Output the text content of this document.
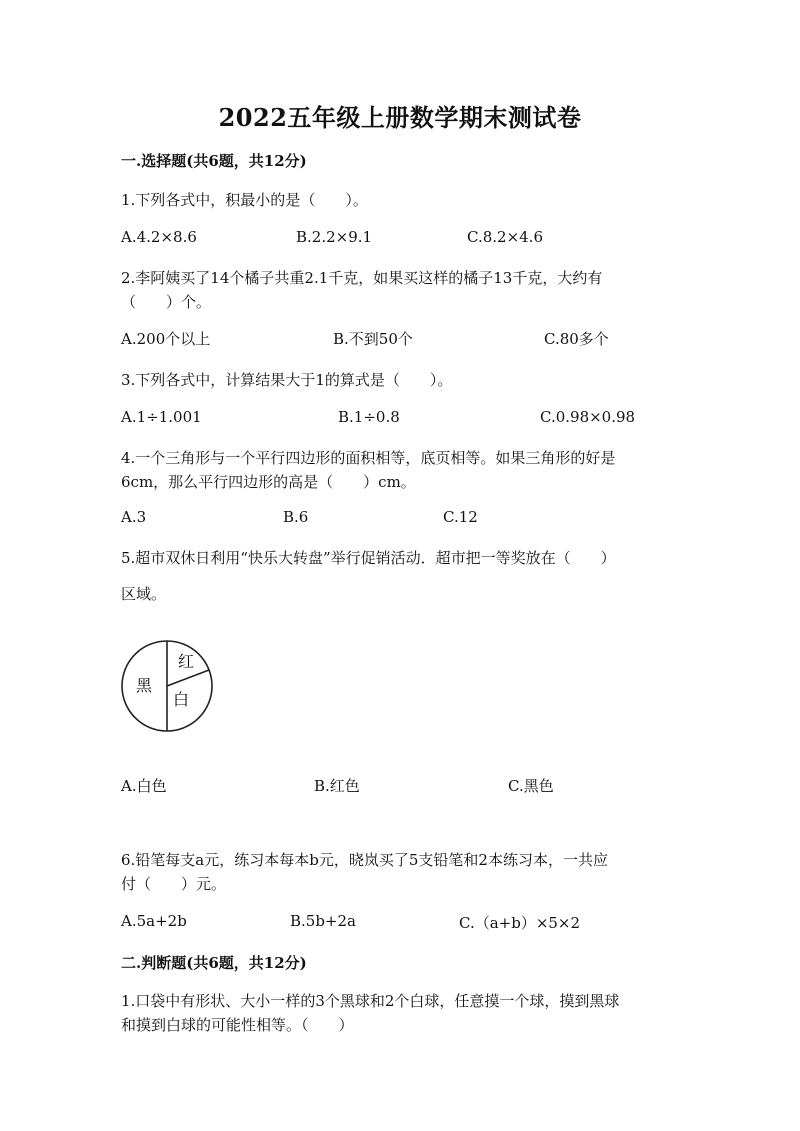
2022五年级上册数学期末测试卷
一.选择题(共6题，共12分)
1.下列各式中，积最小的是（　　）。
A.4.2×8.6	B.2.2×9.1	C.8.2×4.6
2.李阿姨买了14个橘子共重2.1千克，如果买这样的橘子13千克，大约有
（　　）个。
A.200个以上	B.不到50个	C.80多个
3.下列各式中，计算结果大于1的算式是（　　）。
A.1÷1.001	B.1÷0.8	C.0.98×0.98
4.一个三角形与一个平行四边形的面积相等，底页相等。如果三角形的好是
6cm，那么平行四边形的高是（　　）cm。
A.3	B.6	C.12
5.超市双休日利用“快乐大转盘”举行促销活动．超市把一等奖放在（　　）
区域。
红
黑
白
A.白色	B.红色	C.黑色
6.铅笔每支a元，练习本每本b元，晓岚买了5支铅笔和2本练习本，一共应
付（　　）元。
A.5a+2b	B.5b+2a	C.（a+b）×5×2
二.判断题(共6题，共12分)
1.口袋中有形状、大小一样的3个黑球和2个白球，任意摸一个球，摸到黑球
和摸到白球的可能性相等。（　　）
